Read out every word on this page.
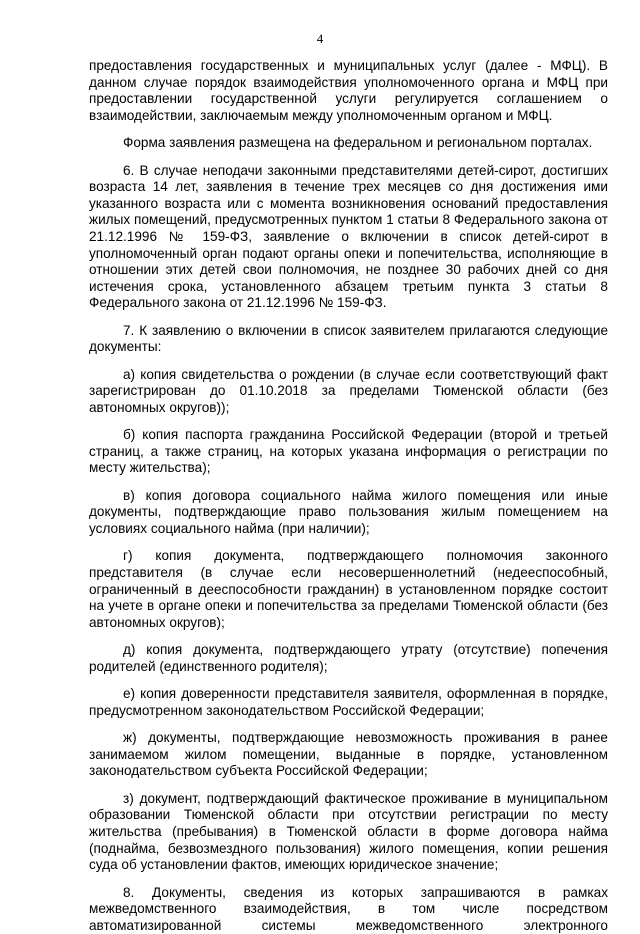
4

предоставления государственных и муниципальных услуг (далее - МФЦ). В данном случае порядок взаимодействия уполномоченного органа и МФЦ при предоставлении государственной услуги регулируется соглашением о взаимодействии, заключаемым между уполномоченным органом и МФЦ.

Форма заявления размещена на федеральном и региональном порталах.

6. В случае неподачи законными представителями детей-сирот, достигших возраста 14 лет, заявления в течение трех месяцев со дня достижения ими указанного возраста или с момента возникновения оснований предоставления жилых помещений, предусмотренных пунктом 1 статьи 8 Федерального закона от 21.12.1996 № 159-ФЗ, заявление о включении в список детей-сирот в уполномоченный орган подают органы опеки и попечительства, исполняющие в отношении этих детей свои полномочия, не позднее 30 рабочих дней со дня истечения срока, установленного абзацем третьим пункта 3 статьи 8 Федерального закона от 21.12.1996 № 159-ФЗ.

7. К заявлению о включении в список заявителем прилагаются следующие документы:

а) копия свидетельства о рождении (в случае если соответствующий факт зарегистрирован до 01.10.2018 за пределами Тюменской области (без автономных округов));

б) копия паспорта гражданина Российской Федерации (второй и третьей страниц, а также страниц, на которых указана информация о регистрации по месту жительства);

в) копия договора социального найма жилого помещения или иные документы, подтверждающие право пользования жилым помещением на условиях социального найма (при наличии);

г) копия документа, подтверждающего полномочия законного представителя (в случае если несовершеннолетний (недееспособный, ограниченный в дееспособности гражданин) в установленном порядке состоит на учете в органе опеки и попечительства за пределами Тюменской области (без автономных округов);

д) копия документа, подтверждающего утрату (отсутствие) попечения родителей (единственного родителя);

е) копия доверенности представителя заявителя, оформленная в порядке, предусмотренном законодательством Российской Федерации;

ж) документы, подтверждающие невозможность проживания в ранее занимаемом жилом помещении, выданные в порядке, установленном законодательством субъекта Российской Федерации;

з) документ, подтверждающий фактическое проживание в муниципальном образовании Тюменской области при отсутствии регистрации по месту жительства (пребывания) в Тюменской области в форме договора найма (поднайма, безвозмездного пользования) жилого помещения, копии решения суда об установлении фактов, имеющих юридическое значение;

8. Документы, сведения из которых запрашиваются в рамках межведомственного взаимодействия, в том числе посредством автоматизированной системы межведомственного электронного
